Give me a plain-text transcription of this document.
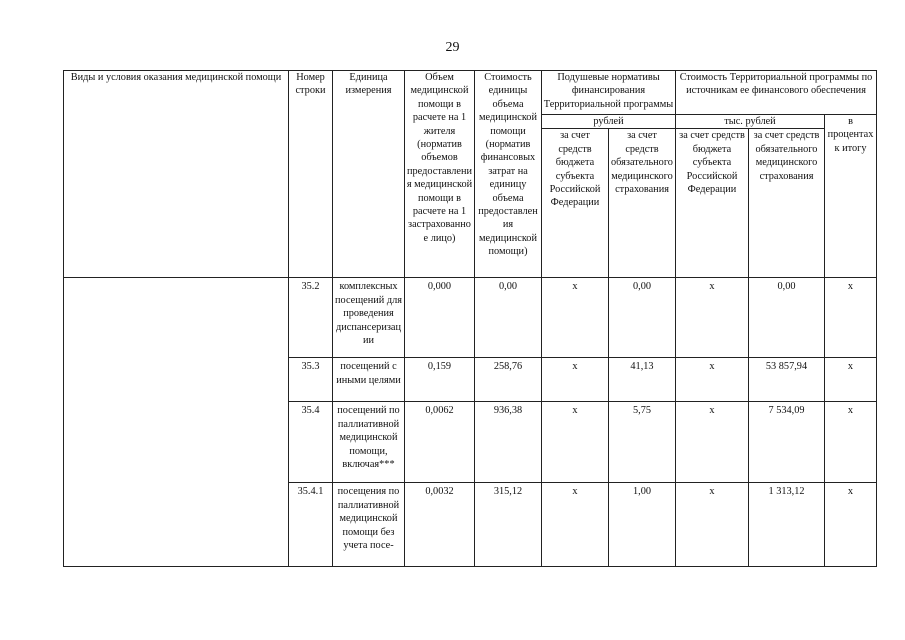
29
Виды и условия оказания медицинской помощи	Номер строки	Единица измерения	Объем медицинской помощи в расчете на 1 жителя (норматив объемов предоставления медицинской помощи в расчете на 1 застрахованное лицо)	Стоимость единицы объема медицинской помощи (норматив финансовых затрат на единицу объема предоставления медицинской помощи)	Подушевые нормативы финансирования Территориальной программы		Стоимость Территориальной программы по источникам ее финансового обеспечения		
					рублей		тыс. рублей		в процентах к итогу
					за счет средств бюджета субъекта Российской Федерации	за счет средств обязательного медицинского страхования	за счет средств бюджета субъекта Российской Федерации	за счет средств обязательного медицинского страхования	
	35.2	комплексных посещений для проведения диспансеризации	0,000	0,00	х	0,00	х	0,00	х
	35.3	посещений с иными целями	0,159	258,76	х	41,13	х	53 857,94	х
	35.4	посещений по паллиативной медицинской помощи, включая***	0,0062	936,38	х	5,75	х	7 534,09	х
	35.4.1	посещения по паллиативной медицинской помощи без учета посе-	0,0032	315,12	х	1,00	х	1 313,12	х
